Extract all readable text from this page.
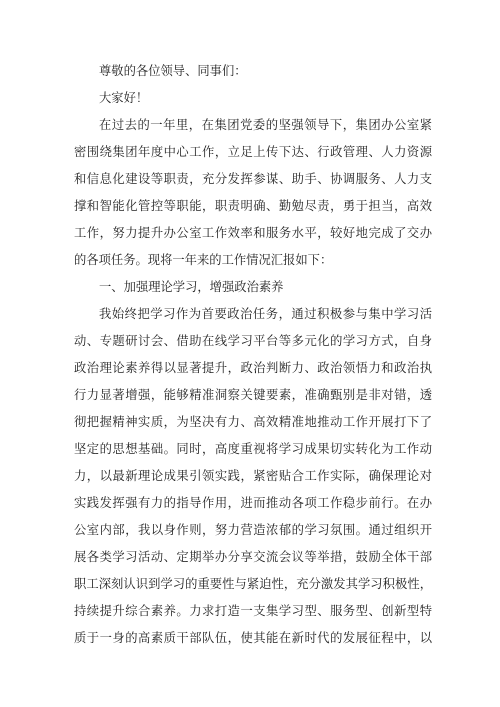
尊敬的各位领导、同事们：
大家好！
在过去的一年里，在集团党委的坚强领导下，集团办公室紧
密围绕集团年度中心工作，立足上传下达、行政管理、人力资源
和信息化建设等职责，充分发挥参谋、助手、协调服务、人力支
撑和智能化管控等职能，职责明确、勤勉尽责，勇于担当，高效
工作，努力提升办公室工作效率和服务水平，较好地完成了交办
的各项任务。现将一年来的工作情况汇报如下：
一、加强理论学习，增强政治素养
我始终把学习作为首要政治任务，通过积极参与集中学习活
动、专题研讨会、借助在线学习平台等多元化的学习方式，自身
政治理论素养得以显著提升，政治判断力、政治领悟力和政治执
行力显著增强，能够精准洞察关键要素，准确甄别是非对错，透
彻把握精神实质，为坚决有力、高效精准地推动工作开展打下了
坚定的思想基础。同时，高度重视将学习成果切实转化为工作动
力，以最新理论成果引领实践，紧密贴合工作实际，确保理论对
实践发挥强有力的指导作用，进而推动各项工作稳步前行。在办
公室内部，我以身作则，努力营造浓郁的学习氛围。通过组织开
展各类学习活动、定期举办分享交流会议等举措，鼓励全体干部
职工深刻认识到学习的重要性与紧迫性，充分激发其学习积极性，
持续提升综合素养。力求打造一支集学习型、服务型、创新型特
质于一身的高素质干部队伍，使其能在新时代的发展征程中，以
